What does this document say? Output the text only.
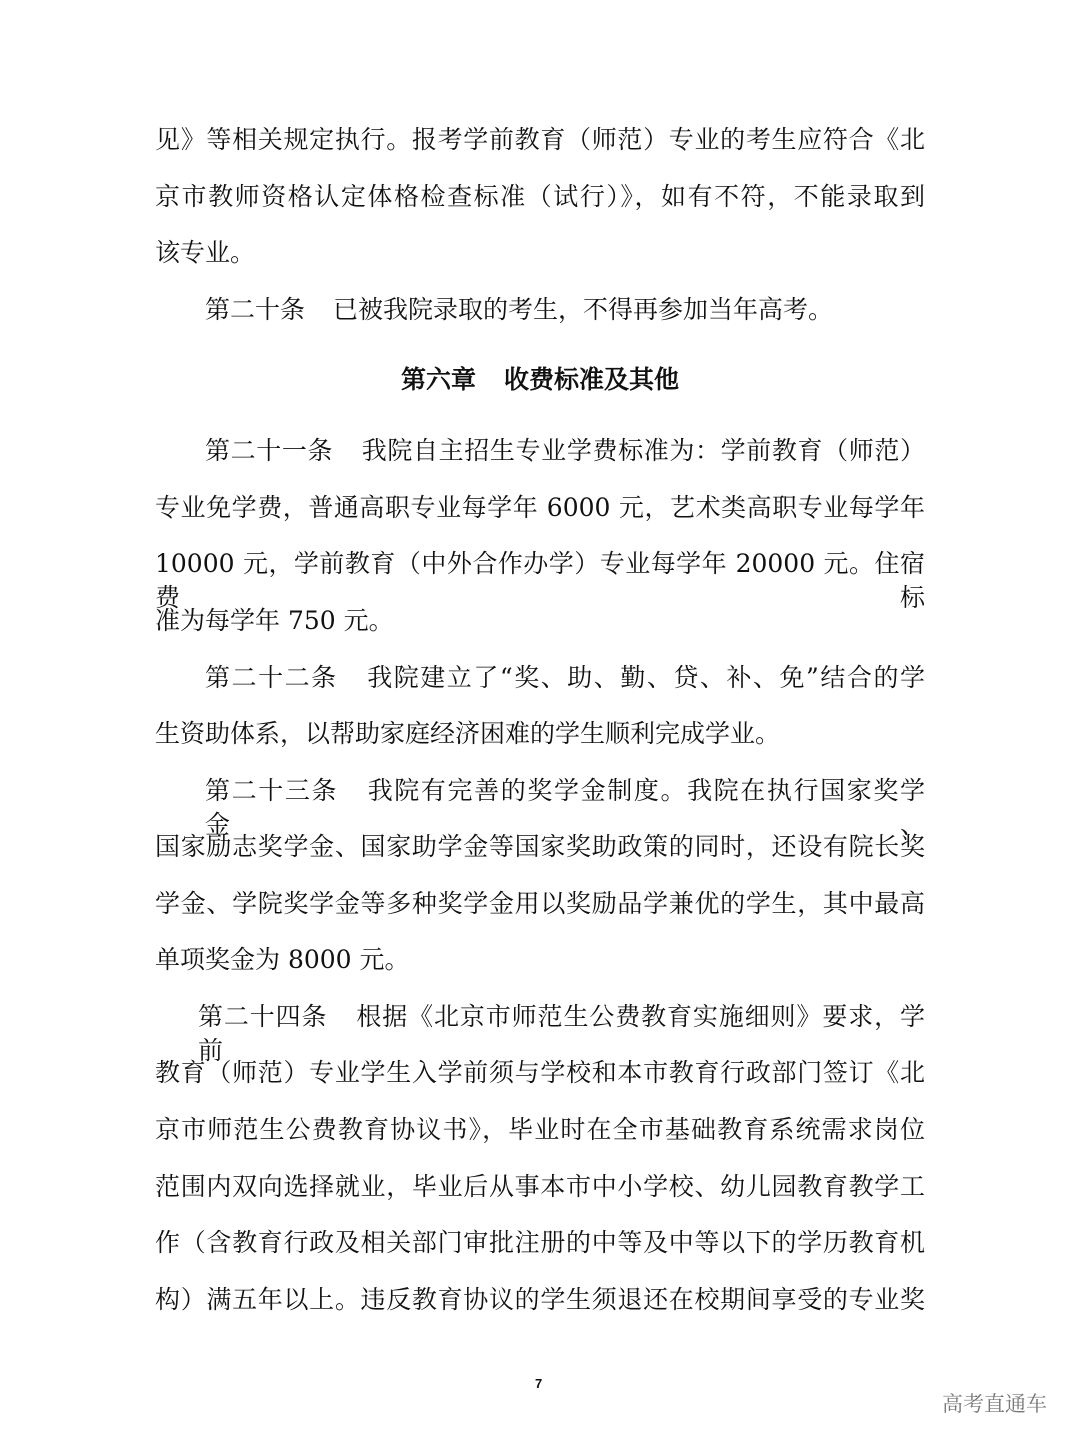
见》等相关规定执行。报考学前教育（师范）专业的考生应符合《北
京市教师资格认定体格检查标准（试行）》，如有不符，不能录取到
该专业。
第二十条 已被我院录取的考生，不得再参加当年高考。
第六章 收费标准及其他
第二十一条 我院自主招生专业学费标准为：学前教育（师范）
专业免学费，普通高职专业每学年 6000 元，艺术类高职专业每学年
10000 元，学前教育（中外合作办学）专业每学年 20000 元。住宿费标
准为每学年 750 元。
第二十二条 我院建立了“奖、助、勤、贷、补、免”结合的学
生资助体系，以帮助家庭经济困难的学生顺利完成学业。
第二十三条 我院有完善的奖学金制度。我院在执行国家奖学金、
国家励志奖学金、国家助学金等国家奖助政策的同时，还设有院长奖
学金、学院奖学金等多种奖学金用以奖励品学兼优的学生，其中最高
单项奖金为 8000 元。
第二十四条 根据《北京市师范生公费教育实施细则》要求，学前
教育（师范）专业学生入学前须与学校和本市教育行政部门签订《北
京市师范生公费教育协议书》，毕业时在全市基础教育系统需求岗位
范围内双向选择就业，毕业后从事本市中小学校、幼儿园教育教学工
作（含教育行政及相关部门审批注册的中等及中等以下的学历教育机
构）满五年以上。违反教育协议的学生须退还在校期间享受的专业奖
7
高考直通车
